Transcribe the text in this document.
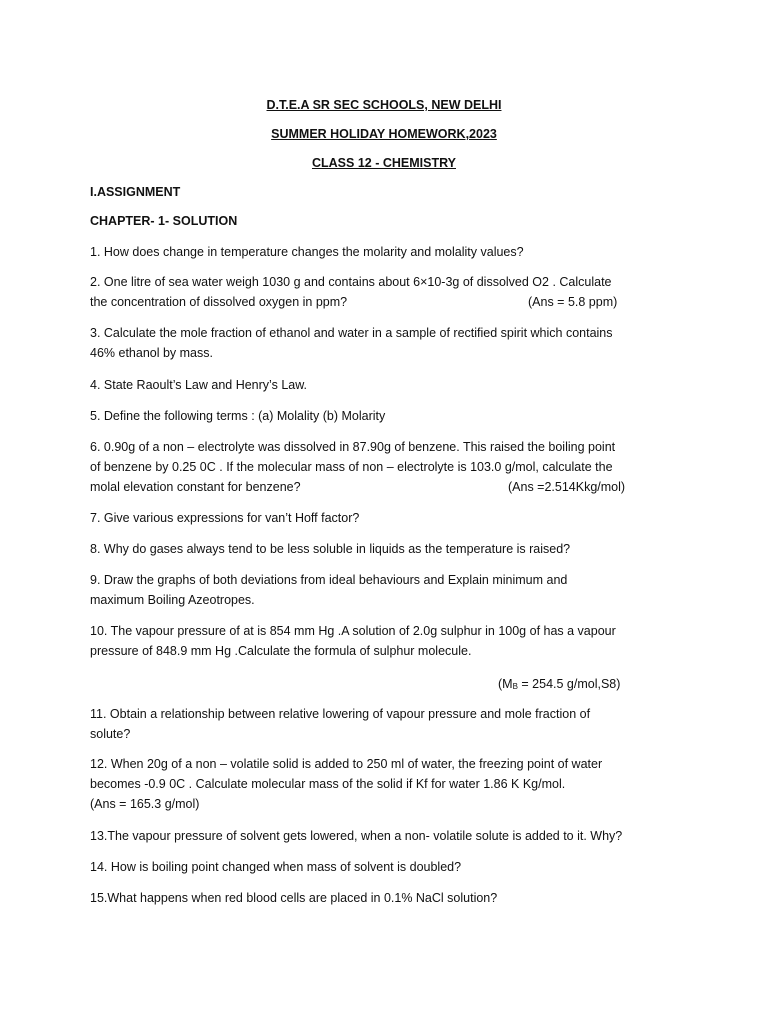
D.T.E.A SR SEC SCHOOLS, NEW DELHI
SUMMER HOLIDAY HOMEWORK,2023
CLASS 12 - CHEMISTRY
I.ASSIGNMENT
CHAPTER- 1- SOLUTION
1. How does change in temperature changes the molarity and molality values?
2. One litre of sea water weigh 1030 g and contains about 6×10-3g of dissolved O2 . Calculate
the concentration of dissolved oxygen in ppm?	(Ans = 5.8 ppm)
3. Calculate the mole fraction of ethanol and water in a sample of rectified spirit which contains
46% ethanol by mass.
4. State Raoult’s Law and Henry’s Law.
5. Define the following terms : (a) Molality (b) Molarity
6. 0.90g of a non – electrolyte was dissolved in 87.90g of benzene. This raised the boiling point
of benzene by 0.25 0C . If the molecular mass of non – electrolyte is 103.0 g/mol, calculate the
molal elevation constant for benzene?	(Ans =2.514Kkg/mol)
7. Give various expressions for van’t Hoff factor?
8. Why do gases always tend to be less soluble in liquids as the temperature is raised?
9. Draw the graphs of both deviations from ideal behaviours and Explain minimum and
maximum Boiling Azeotropes.
10. The vapour pressure of at is 854 mm Hg .A solution of 2.0g sulphur in 100g of has a vapour
pressure of 848.9 mm Hg .Calculate the formula of sulphur molecule.
($M_B = 254.5$ g/mol,S8)
11. Obtain a relationship between relative lowering of vapour pressure and mole fraction of
solute?
12. When 20g of a non – volatile solid is added to 250 ml of water, the freezing point of water
becomes -0.9 0C . Calculate molecular mass of the solid if Kf for water 1.86 K Kg/mol.
(Ans = 165.3 g/mol)
13.The vapour pressure of solvent gets lowered, when a non- volatile solute is added to it. Why?
14. How is boiling point changed when mass of solvent is doubled?
15.What happens when red blood cells are placed in 0.1% NaCl solution?
